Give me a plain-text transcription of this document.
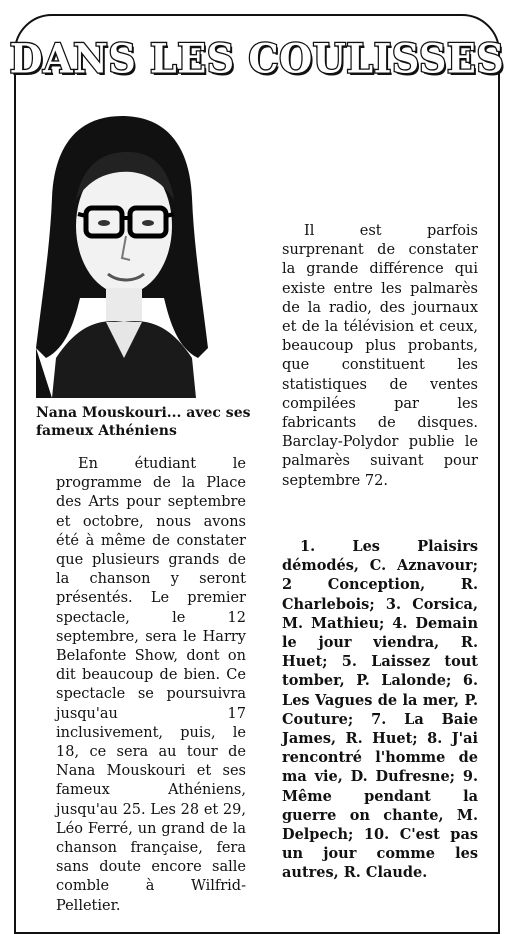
DANS LES COULISSES
Nana Mouskouri... avec ses fameux Athéniens

En étudiant le programme de la Place des Arts pour septembre et octobre, nous avons été à même de constater que plusieurs grands de la chanson y seront présentés. Le premier spectacle, le 12 septembre, sera le Harry Belafonte Show, dont on dit beaucoup de bien. Ce spectacle se poursuivra jusqu'au 17 inclusivement, puis, le 18, ce sera au tour de Nana Mouskouri et ses fameux Athéniens, jusqu'au 25. Les 28 et 29, Léo Ferré, un grand de la chanson française, fera sans doute encore salle comble à Wilfrid-Pelletier.

Il est parfois surprenant de constater la grande différence qui existe entre les palmarès de la radio, des journaux et de la télévision et ceux, beaucoup plus probants, que constituent les statistiques de ventes compilées par les fabricants de disques. Barclay-Polydor publie le palmarès suivant pour septembre 72.

1. Les Plaisirs démodés, C. Aznavour; 2 Conception, R. Charlebois; 3. Corsica, M. Mathieu; 4. Demain le jour viendra, R. Huet; 5. Laissez tout tomber, P. Lalonde; 6. Les Vagues de la mer, P. Couture; 7. La Baie James, R. Huet; 8. J'ai rencontré l'homme de ma vie, D. Dufresne; 9. Même pendant la guerre on chante, M. Delpech; 10. C'est pas un jour comme les autres, R. Claude.
